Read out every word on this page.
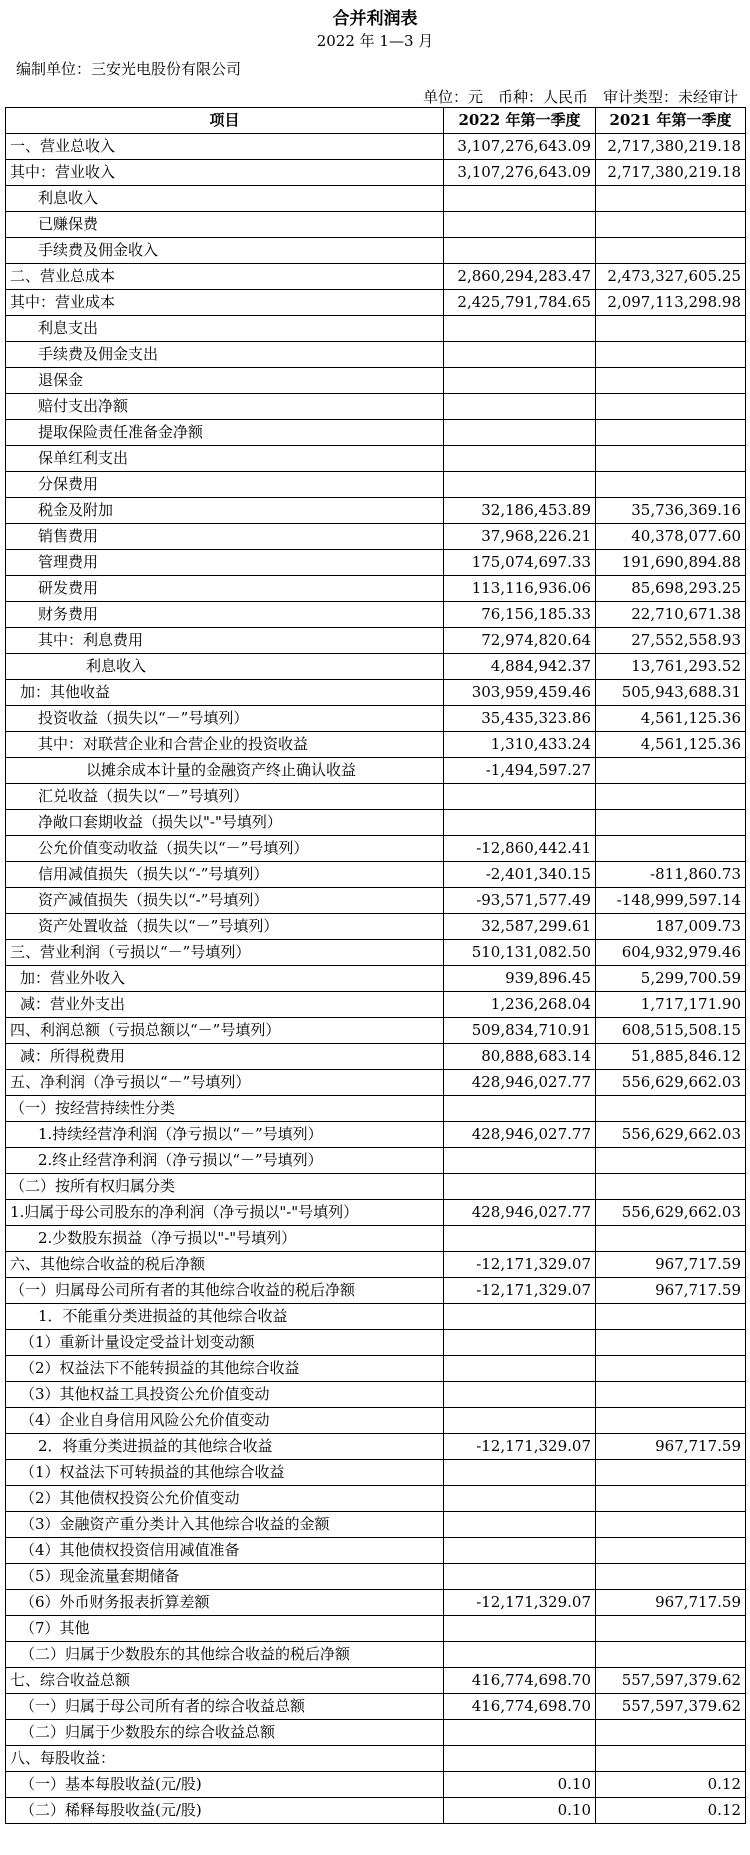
合并利润表
2022 年 1—3 月
编制单位：三安光电股份有限公司
单位：元　币种：人民币　审计类型：未经审计
项目	2022 年第一季度	2021 年第一季度
一、营业总收入	3,107,276,643.09	2,717,380,219.18
其中：营业收入	3,107,276,643.09	2,717,380,219.18
利息收入		
已赚保费		
手续费及佣金收入		
二、营业总成本	2,860,294,283.47	2,473,327,605.25
其中：营业成本	2,425,791,784.65	2,097,113,298.98
利息支出		
手续费及佣金支出		
退保金		
赔付支出净额		
提取保险责任准备金净额		
保单红利支出		
分保费用		
税金及附加	32,186,453.89	35,736,369.16
销售费用	37,968,226.21	40,378,077.60
管理费用	175,074,697.33	191,690,894.88
研发费用	113,116,936.06	85,698,293.25
财务费用	76,156,185.33	22,710,671.38
其中：利息费用	72,974,820.64	27,552,558.93
利息收入	4,884,942.37	13,761,293.52
加：其他收益	303,959,459.46	505,943,688.31
投资收益（损失以“－”号填列）	35,435,323.86	4,561,125.36
其中：对联营企业和合营企业的投资收益	1,310,433.24	4,561,125.36
以摊余成本计量的金融资产终止确认收益	-1,494,597.27	
汇兑收益（损失以“－”号填列）		
净敞口套期收益（损失以"-"号填列）		
公允价值变动收益（损失以“－”号填列）	-12,860,442.41	
信用减值损失（损失以“-”号填列）	-2,401,340.15	-811,860.73
资产减值损失（损失以“-”号填列）	-93,571,577.49	-148,999,597.14
资产处置收益（损失以“－”号填列）	32,587,299.61	187,009.73
三、营业利润（亏损以“－”号填列）	510,131,082.50	604,932,979.46
加：营业外收入	939,896.45	5,299,700.59
减：营业外支出	1,236,268.04	1,717,171.90
四、利润总额（亏损总额以“－”号填列）	509,834,710.91	608,515,508.15
减：所得税费用	80,888,683.14	51,885,846.12
五、净利润（净亏损以“－”号填列）	428,946,027.77	556,629,662.03
（一）按经营持续性分类		
1.持续经营净利润（净亏损以“－”号填列）	428,946,027.77	556,629,662.03
2.终止经营净利润（净亏损以“－”号填列）		
（二）按所有权归属分类		
1.归属于母公司股东的净利润（净亏损以"-"号填列）	428,946,027.77	556,629,662.03
2.少数股东损益（净亏损以"-"号填列）		
六、其他综合收益的税后净额	-12,171,329.07	967,717.59
（一）归属母公司所有者的其他综合收益的税后净额	-12,171,329.07	967,717.59
1．不能重分类进损益的其他综合收益		
（1）重新计量设定受益计划变动额		
（2）权益法下不能转损益的其他综合收益		
（3）其他权益工具投资公允价值变动		
（4）企业自身信用风险公允价值变动		
2．将重分类进损益的其他综合收益	-12,171,329.07	967,717.59
（1）权益法下可转损益的其他综合收益		
（2）其他债权投资公允价值变动		
（3）金融资产重分类计入其他综合收益的金额		
（4）其他债权投资信用减值准备		
（5）现金流量套期储备		
（6）外币财务报表折算差额	-12,171,329.07	967,717.59
（7）其他		
（二）归属于少数股东的其他综合收益的税后净额		
七、综合收益总额	416,774,698.70	557,597,379.62
（一）归属于母公司所有者的综合收益总额	416,774,698.70	557,597,379.62
（二）归属于少数股东的综合收益总额		
八、每股收益：		
（一）基本每股收益(元/股)	0.10	0.12
（二）稀释每股收益(元/股)	0.10	0.12
